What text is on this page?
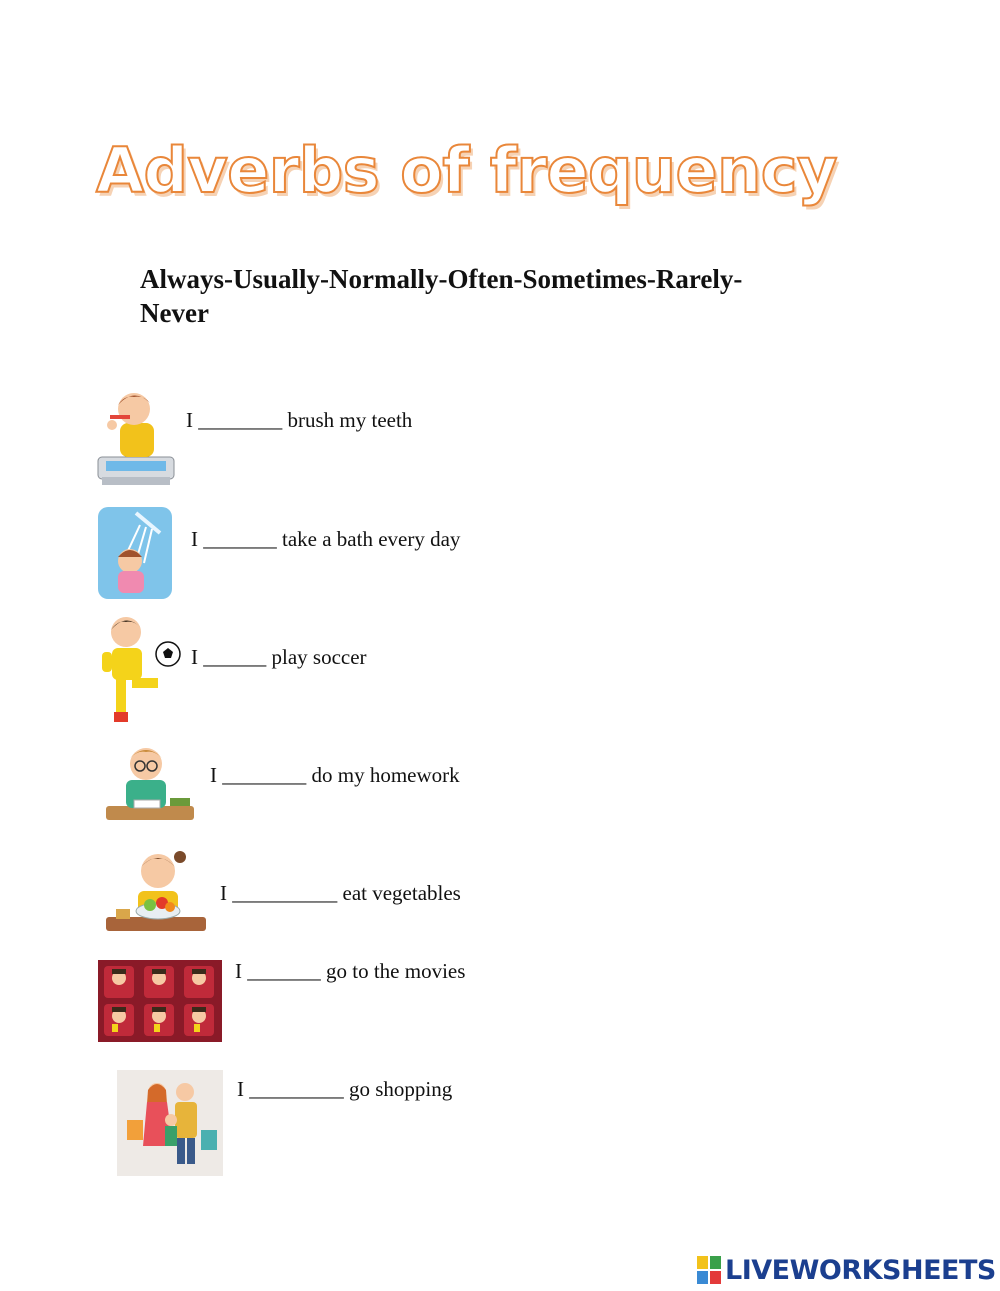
Adverbs of frequency
Always-Usually-Normally-Often-Sometimes-Rarely-
Never
I ________ brush my teeth
I _______ take a bath every day
I ______ play soccer
I ________ do my homework
I __________ eat vegetables
I _______ go to the movies
I _________ go shopping
LIVEWORKSHEETS
